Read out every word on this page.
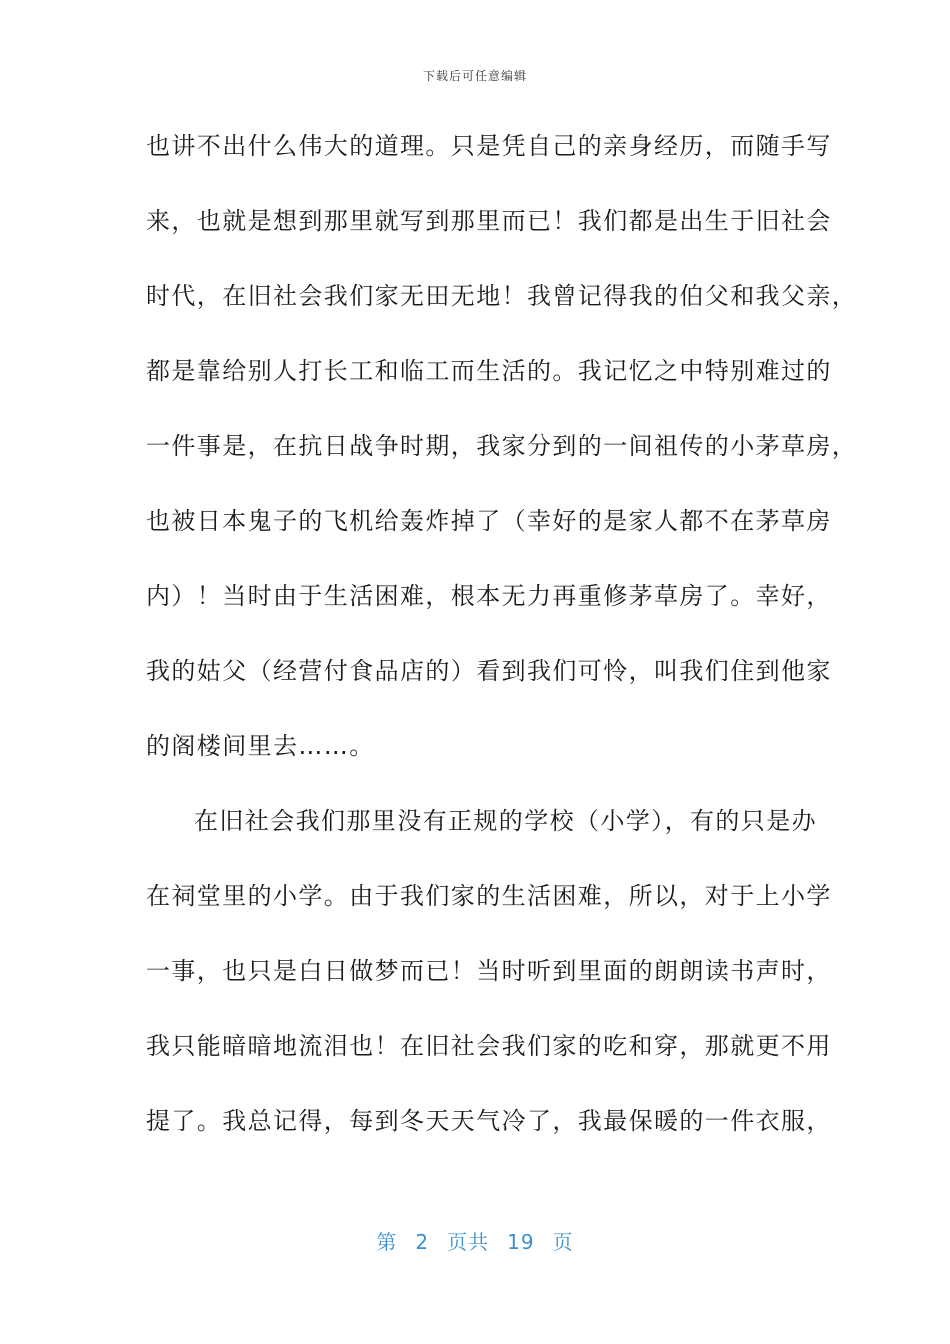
下载后可任意编辑
也讲不出什么伟大的道理。只是凭自己的亲身经历，而随手写
来，也就是想到那里就写到那里而已！我们都是出生于旧社会
时代，在旧社会我们家无田无地！我曾记得我的伯父和我父亲，
都是靠给别人打长工和临工而生活的。我记忆之中特别难过的
一件事是，在抗日战争时期，我家分到的一间祖传的小茅草房，
也被日本鬼子的飞机给轰炸掉了（幸好的是家人都不在茅草房
内）！当时由于生活困难，根本无力再重修茅草房了。幸好，
我的姑父（经营付食品店的）看到我们可怜，叫我们住到他家
的阁楼间里去……。
在旧社会我们那里没有正规的学校（小学），有的只是办
在祠堂里的小学。由于我们家的生活困难，所以，对于上小学
一事，也只是白日做梦而已！当时听到里面的朗朗读书声时，
我只能暗暗地流泪也！在旧社会我们家的吃和穿，那就更不用
提了。我总记得，每到冬天天气冷了，我最保暖的一件衣服，
第 2 页共 19 页
